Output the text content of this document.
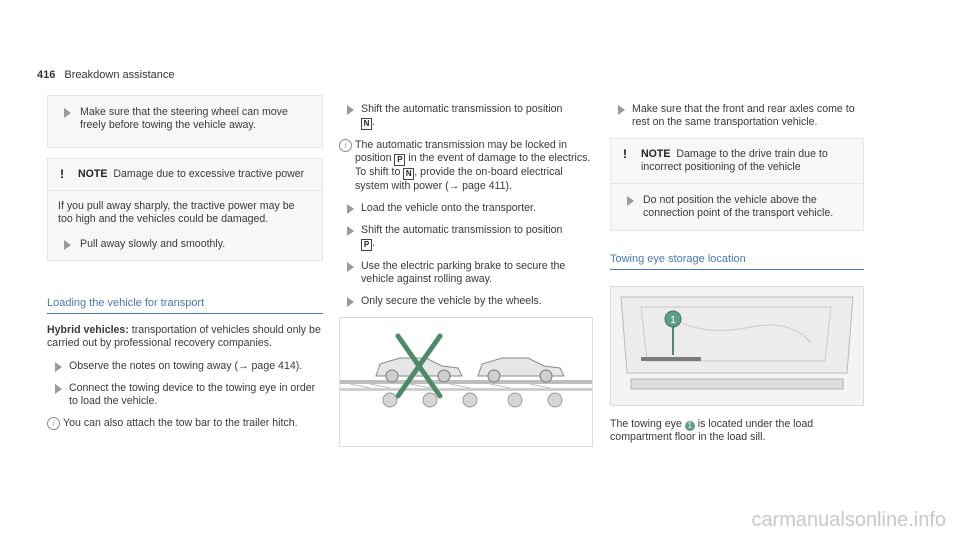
416 Breakdown assistance
Make sure that the steering wheel can move freely before towing the vehicle away.
! NOTE Damage due to excessive tractive power
If you pull away sharply, the tractive power may be too high and the vehicles could be damaged.
Pull away slowly and smoothly.
Loading the vehicle for transport
Hybrid vehicles: transportation of vehicles should only be carried out by professional recovery companies.
Observe the notes on towing away (→ page 414).
Connect the towing device to the towing eye in order to load the vehicle.
i You can also attach the tow bar to the trailer hitch.
Shift the automatic transmission to position
N .
i The automatic transmission may be locked in position P in the event of damage to the electrics. To shift to N , provide the on-board electrical system with power (→ page 411).
Load the vehicle onto the transporter.
Shift the automatic transmission to position
P .
Use the electric parking brake to secure the vehicle against rolling away.
Only secure the vehicle by the wheels.
Make sure that the front and rear axles come to rest on the same transportation vehicle.
! NOTE Damage to the drive train due to incorrect positioning of the vehicle
Do not position the vehicle above the connection point of the transport vehicle.
Towing eye storage location
1
The towing eye 1 is located under the load compartment floor in the load sill.
carmanualsonline.info
